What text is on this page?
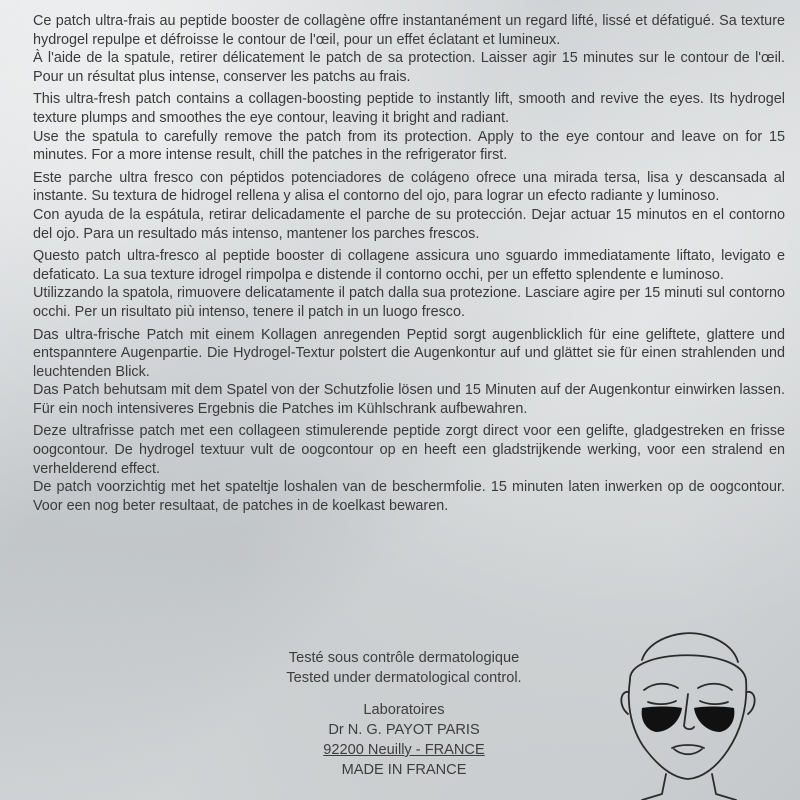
Ce patch ultra-frais au peptide booster de collagène offre instantanément un regard lifté, lissé et défatigué. Sa texture hydrogel repulpe et défroisse le contour de l'œil, pour un effet éclatant et lumineux.

À l'aide de la spatule, retirer délicatement le patch de sa protection. Laisser agir 15 minutes sur le contour de l'œil. Pour un résultat plus intense, conserver les patchs au frais.

This ultra-fresh patch contains a collagen-boosting peptide to instantly lift, smooth and revive the eyes. Its hydrogel texture plumps and smoothes the eye contour, leaving it bright and radiant.

Use the spatula to carefully remove the patch from its protection. Apply to the eye contour and leave on for 15 minutes. For a more intense result, chill the patches in the refrigerator first.

Este parche ultra fresco con péptidos potenciadores de colágeno ofrece una mirada tersa, lisa y descansada al instante. Su textura de hidrogel rellena y alisa el contorno del ojo, para lograr un efecto radiante y luminoso.

Con ayuda de la espátula, retirar delicadamente el parche de su protección. Dejar actuar 15 minutos en el contorno del ojo. Para un resultado más intenso, mantener los parches frescos.

Questo patch ultra-fresco al peptide booster di collagene assicura uno sguardo immediatamente liftato, levigato e defaticato. La sua texture idrogel rimpolpa e distende il contorno occhi, per un effetto splendente e luminoso.

Utilizzando la spatola, rimuovere delicatamente il patch dalla sua protezione. Lasciare agire per 15 minuti sul contorno occhi. Per un risultato più intenso, tenere il patch in un luogo fresco.

Das ultra-frische Patch mit einem Kollagen anregenden Peptid sorgt augenblicklich für eine geliftete, glattere und entspanntere Augenpartie. Die Hydrogel-Textur polstert die Augenkontur auf und glättet sie für einen strahlenden und leuchtenden Blick.

Das Patch behutsam mit dem Spatel von der Schutzfolie lösen und 15 Minuten auf der Augenkontur einwirken lassen. Für ein noch intensiveres Ergebnis die Patches im Kühlschrank aufbewahren.

Deze ultrafrisse patch met een collageen stimulerende peptide zorgt direct voor een gelifte, gladgestreken en frisse oogcontour. De hydrogel textuur vult de oogcontour op en heeft een gladstrijkende werking, voor een stralend en verhelderend effect.

De patch voorzichtig met het spateltje loshalen van de beschermfolie. 15 minuten laten inwerken op de oogcontour. Voor een nog beter resultaat, de patches in de koelkast bewaren.

Testé sous contrôle dermatologique
Tested under dermatological control.
Laboratoires
Dr N. G. PAYOT PARIS
92200 Neuilly - FRANCE
MADE IN FRANCE
